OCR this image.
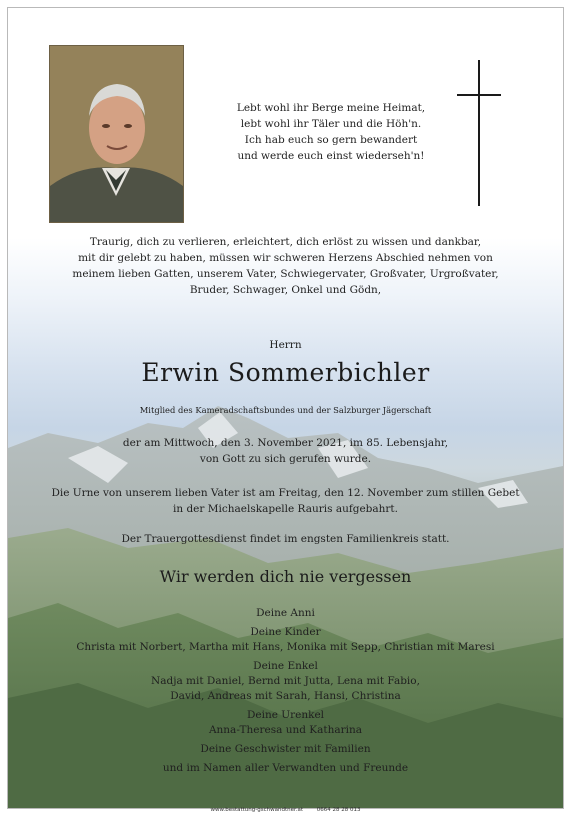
Lebt wohl ihr Berge meine Heimat,
lebt wohl ihr Täler und die Höh'n.
Ich hab euch so gern bewandert
und werde euch einst wiederseh'n!
Traurig, dich zu verlieren, erleichtert, dich erlöst zu wissen und dankbar,
mit dir gelebt zu haben, müssen wir schweren Herzens Abschied nehmen von
meinem lieben Gatten, unserem Vater, Schwiegervater, Großvater, Urgroßvater,
Bruder, Schwager, Onkel und Gödn,
Herrn
Erwin Sommerbichler
Mitglied des Kameradschaftsbundes und der Salzburger Jägerschaft
der am Mittwoch, den 3. November 2021, im 85. Lebensjahr,
von Gott zu sich gerufen wurde.
Die Urne von unserem lieben Vater ist am Freitag, den 12. November zum stillen Gebet
in der Michaelskapelle Rauris aufgebahrt.
Der Trauergottesdienst findet im engsten Familienkreis statt.
Wir werden dich nie vergessen
Deine Anni
Deine Kinder
Christa mit Norbert, Martha mit Hans, Monika mit Sepp, Christian mit Maresi
Deine Enkel
Nadja mit Daniel, Bernd mit Jutta, Lena mit Fabio,
David, Andreas mit Sarah, Hansi, Christina
Deine Urenkel
Anna-Theresa und Katharina
Deine Geschwister mit Familien
und im Namen aller Verwandten und Freunde
www.bestattung-gschwandtner.at	0664 28 28 013
